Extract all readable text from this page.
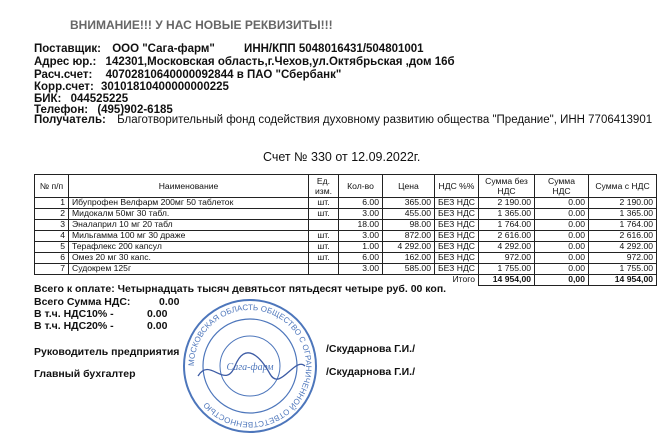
ВНИМАНИЕ!!! У НАС НОВЫЕ РЕКВИЗИТЫ!!!
Поставщик: ООО "Сага-фарм"	ИНН/КПП 5048016431/504801001
Адрес юр.: 142301,Московская область,г.Чехов,ул.Октябрьская ,дом 16б
Расч.счет: 40702810640000092844 в ПАО "Сбербанк"
Корр.счет: 30101810400000000225
БИК: 044525225
Телефон: (495)902-6185
Получатель: Благотворительный фонд содействия духовному развитию общества "Предание", ИНН 7706413901
Счет № 330 от 12.09.2022г.
№ п/п	Наименование	Ед. изм.	Кол-во	Цена	НДС %%	Сумма без НДС	Сумма НДС	Сумма с НДС
1	Ибупрофен Велфарм 200мг 50 таблеток	шт.	6.00	365.00	БЕЗ НДС	2 190.00	0.00	2 190.00
2	Мидокалм 50мг 30 табл.	шт.	3.00	455.00	БЕЗ НДС	1 365.00	0.00	1 365.00
3	Эналаприл 10 мг 20 табл		18.00	98.00	БЕЗ НДС	1 764.00	0.00	1 764.00
4	Мильгамма 100 мг 30 драже	шт.	3.00	872.00	БЕЗ НДС	2 616.00	0.00	2 616.00
5	Терафлекс 200 капсул	шт.	1.00	4 292.00	БЕЗ НДС	4 292.00	0.00	4 292.00
6	Омез 20 мг 30 капс.	шт.	6.00	162.00	БЕЗ НДС	972.00	0.00	972.00
7	Судокрем 125г		3.00	585.00	БЕЗ НДС	1 755.00	0.00	1 755.00
					Итого	14 954,00	0,00	14 954,00
Всего к оплате: Четырнадцать тысяч девятьсот пятьдесят четыре руб. 00 коп.
Всего Сумма НДС:	0.00
В т.ч. НДС10% -	0.00
В т.ч. НДС20% -	0.00
Руководитель предприятия	/Скударнова Г.И./
Главный бухгалтер	/Скударнова Г.И./
МОСКОВСКАЯ ОБЛАСТЬ ОБЩЕСТВО С ОГРАНИЧЕННОЙ ОТВЕТСТВЕННОСТЬЮ
Сага-фарм
